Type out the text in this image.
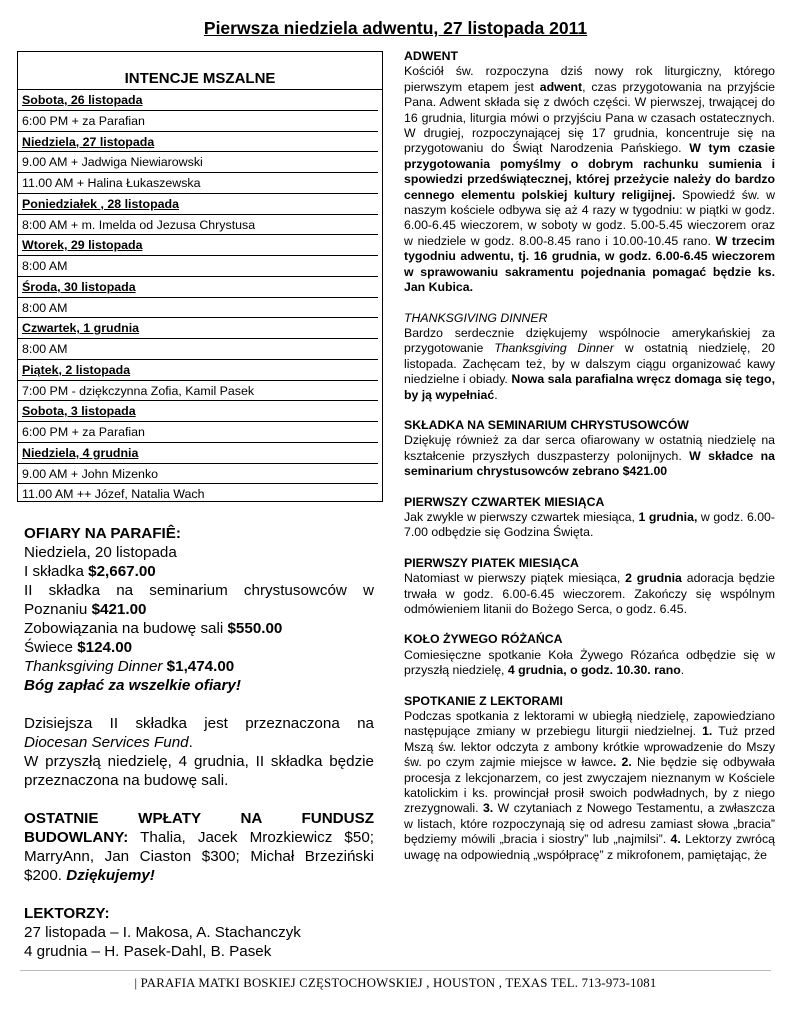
Pierwsza niedziela adwentu, 27 listopada 2011
INTENCJE MSZALNE
Sobota, 26 listopada
6:00 PM + za Parafian
Niedziela, 27 listopada
9.00 AM + Jadwiga Niewiarowski
11.00 AM + Halina Łukaszewska
Poniedziałek , 28 listopada
8:00 AM + m. Imelda od Jezusa Chrystusa
Wtorek, 29 listopada
8:00 AM
Środa, 30 listopada
8:00 AM
Czwartek, 1 grudnia
8:00 AM
Piątek, 2 listopada
7:00 PM - dziękczynna Zofia, Kamil Pasek
Sobota, 3 listopada
6:00 PM + za Parafian
Niedziela, 4 grudnia
9.00 AM + John Mizenko
11.00 AM ++ Józef, Natalia Wach

OFIARY NA PARAFIÊ:

Niedziela, 20 listopada

I składka $2,667.00

II składka na seminarium chrystusowców w Poznaniu $421.00

Zobowiązania na budowę sali $550.00

Świece $124.00

Thanksgiving Dinner $1,474.00

Bóg zapłać za wszelkie ofiary!

Dzisiejsza II składka jest przeznaczona na Diocesan Services Fund.

W przyszłą niedzielę, 4 grudnia, II składka będzie przeznaczona na budowę sali.

OSTATNIE WPŁATY NA FUNDUSZ BUDOWLANY: Thalia, Jacek Mrozkiewicz $50; MarryAnn, Jan Ciaston $300; Michał Brzeziński $200. Dziękujemy!

LEKTORZY:

27 listopada – I. Makosa, A. Stachanczyk

4 grudnia – H. Pasek-Dahl, B. Pasek

ADWENT

Kościół św. rozpoczyna dziś nowy rok liturgiczny, którego pierwszym etapem jest adwent, czas przygotowania na przyjście Pana. Adwent składa się z dwóch części. W pierwszej, trwającej do 16 grudnia, liturgia mówi o przyjściu Pana w czasach ostatecznych. W drugiej, rozpoczynającej się 17 grudnia, koncentruje się na przygotowaniu do Świąt Narodzenia Pańskiego. W tym czasie przygotowania pomyślmy o dobrym rachunku sumienia i spowiedzi przedświątecznej, której przeżycie należy do bardzo cennego elementu polskiej kultury religijnej. Spowiedź św. w naszym kościele odbywa się aż 4 razy w tygodniu: w piątki w godz. 6.00-6.45 wieczorem, w soboty w godz. 5.00-5.45 wieczorem oraz w niedziele w godz. 8.00-8.45 rano i 10.00-10.45 rano. W trzecim tygodniu adwentu, tj. 16 grudnia, w godz. 6.00-6.45 wieczorem w sprawowaniu sakramentu pojednania pomagać będzie ks. Jan Kubica.

THANKSGIVING DINNER

Bardzo serdecznie dziękujemy wspólnocie amerykańskiej za przygotowanie Thanksgiving Dinner w ostatnią niedzielę, 20 listopada. Zachęcam też, by w dalszym ciągu organizować kawy niedzielne i obiady. Nowa sala parafialna wręcz domaga się tego, by ją wypełniać.

SKŁADKA NA SEMINARIUM CHRYSTUSOWCÓW

Dziękuję również za dar serca ofiarowany w ostatnią niedzielę na kształcenie przyszłych duszpasterzy polonijnych. W składce na seminarium chrystusowców zebrano $421.00

PIERWSZY CZWARTEK MIESIĄCA

Jak zwykle w pierwszy czwartek miesiąca, 1 grudnia, w godz. 6.00-7.00 odbędzie się Godzina Święta.

PIERWSZY PIATEK MIESIĄCA

Natomiast w pierwszy piątek miesiąca, 2 grudnia adoracja będzie trwała w godz. 6.00-6.45 wieczorem. Zakończy się wspólnym odmówieniem litanii do Bożego Serca, o godz. 6.45.

KOŁO ŻYWEGO RÓŻAŃCA

Comiesięczne spotkanie Koła Żywego Rózańca odbędzie się w przyszłą niedzielę, 4 grudnia, o godz. 10.30. rano.

SPOTKANIE Z LEKTORAMI

Podczas spotkania z lektorami w ubiegłą niedzielę, zapowiedziano następujące zmiany w przebiegu liturgii niedzielnej. 1. Tuż przed Mszą św. lektor odczyta z ambony krótkie wprowadzenie do Mszy św. po czym zajmie miejsce w ławce. 2. Nie będzie się odbywała procesja z lekcjonarzem, co jest zwyczajem nieznanym w Kościele katolickim i ks. prowincjał prosił swoich podwładnych, by z niego zrezygnowali. 3. W czytaniach z Nowego Testamentu, a zwłaszcza w listach, które rozpoczynają się od adresu zamiast słowa „bracia” będziemy mówili „bracia i siostry” lub „najmilsi”. 4. Lektorzy zwrócą uwagę na odpowiednią „współpracę” z mikrofonem, pamiętając, że

| PARAFIA MATKI BOSKIEJ CZĘSTOCHOWSKIEJ , HOUSTON , TEXAS TEL. 713-973-1081
